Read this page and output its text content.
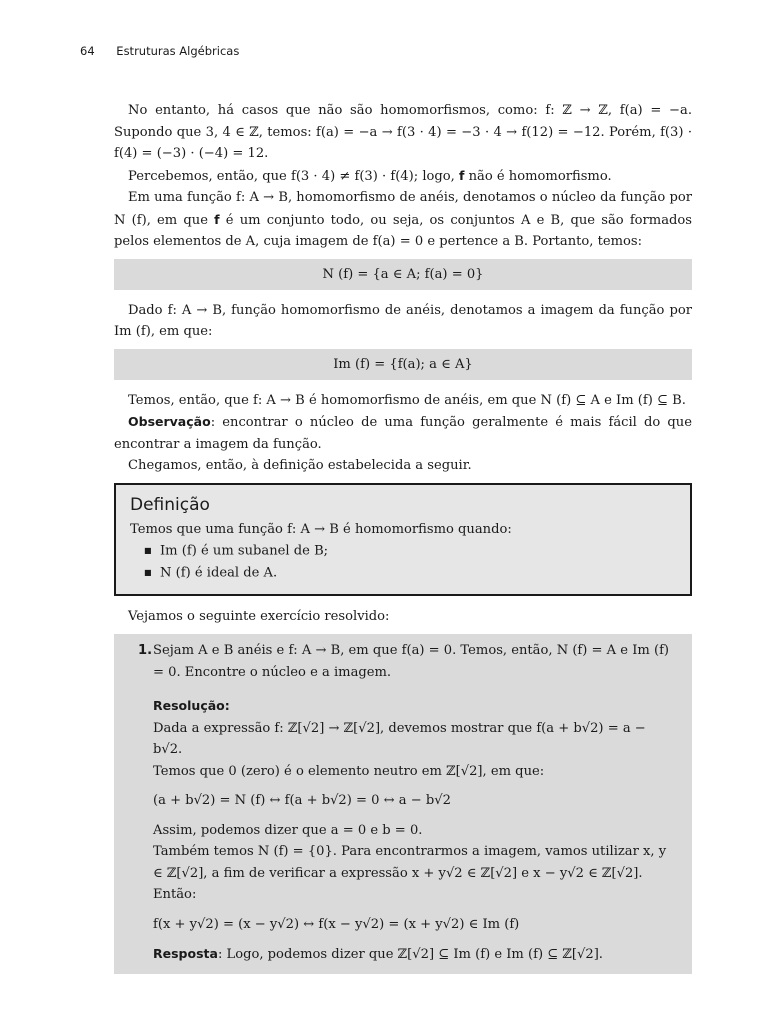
64 Estruturas Algébricas

No entanto, há casos que não são homomorfismos, como: f: ℤ → ℤ, f(a) = −a. Supondo que 3, 4 ∈ ℤ, temos: f(a) = −a → f(3 · 4) = −3 · 4 → f(12) = −12. Porém, f(3) · f(4) = (−3) · (−4) = 12.

Percebemos, então, que f(3 · 4) ≠ f(3) · f(4); logo, f não é homomorfismo.

Em uma função f: A → B, homomorfismo de anéis, denotamos o núcleo da função por N (f), em que f é um conjunto todo, ou seja, os conjuntos A e B, que são formados pelos elementos de A, cuja imagem de f(a) = 0 e pertence a B. Portanto, temos:

N (f) = {a ∈ A; f(a) = 0}

Dado f: A → B, função homomorfismo de anéis, denotamos a imagem da função por Im (f), em que:

Im (f) = {f(a); a ∈ A}

Temos, então, que f: A → B é homomorfismo de anéis, em que N (f) ⊆ A e Im (f) ⊆ B.

Observação: encontrar o núcleo de uma função geralmente é mais fácil do que encontrar a imagem da função.

Chegamos, então, à definição estabelecida a seguir.

Definição
Temos que uma função f: A → B é homomorfismo quando:
■ Im (f) é um subanel de B;
■ N (f) é ideal de A.

Vejamos o seguinte exercício resolvido:

1. Sejam A e B anéis e f: A → B, em que f(a) = 0. Temos, então, N (f) = A e Im (f) = 0. Encontre o núcleo e a imagem.

Resolução:

Dada a expressão f: ℤ[√2] → ℤ[√2], devemos mostrar que f(a + b√2) = a − b√2.

Temos que 0 (zero) é o elemento neutro em ℤ[√2], em que:

(a + b√2) = N (f) ↔ f(a + b√2) = 0 ↔ a − b√2

Assim, podemos dizer que a = 0 e b = 0.

Também temos N (f) = {0}. Para encontrarmos a imagem, vamos utilizar x, y ∈ ℤ[√2], a fim de verificar a expressão x + y√2 ∈ ℤ[√2] e x − y√2 ∈ ℤ[√2].

Então:

f(x + y√2) = (x − y√2) ↔ f(x − y√2) = (x + y√2) ∈ Im (f)

Resposta: Logo, podemos dizer que ℤ[√2] ⊆ Im (f) e Im (f) ⊆ ℤ[√2].
